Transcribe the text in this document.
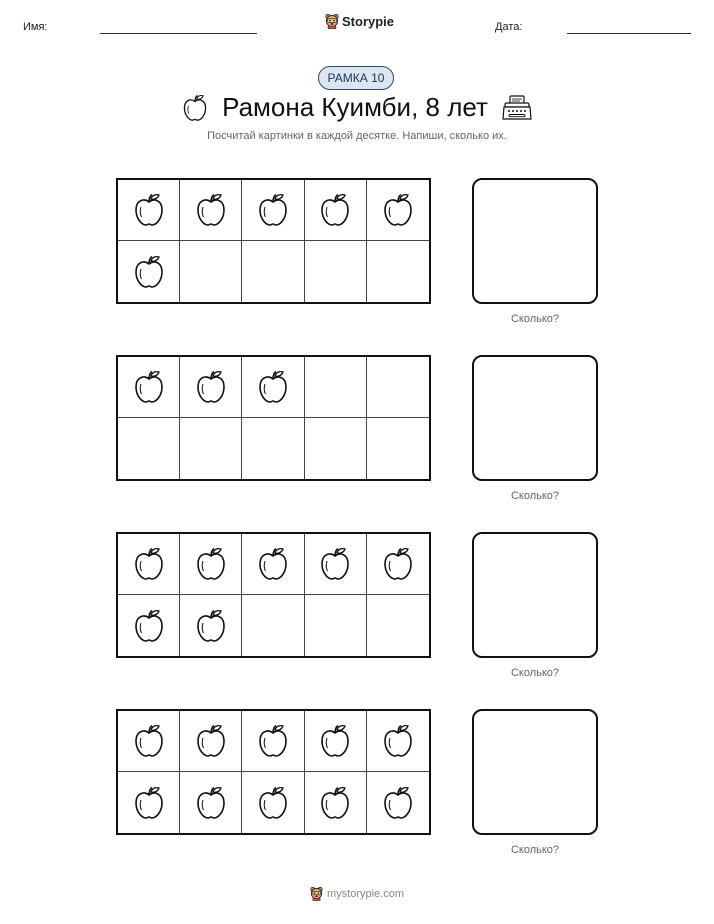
Имя:	Storypie	Дата:
РАМКА 10
Рамона Куимби, 8 лет
Посчитай картинки в каждой десятке. Напиши, сколько их.
Сколько?
Сколько?
Сколько?
Сколько?
mystorypie.com
